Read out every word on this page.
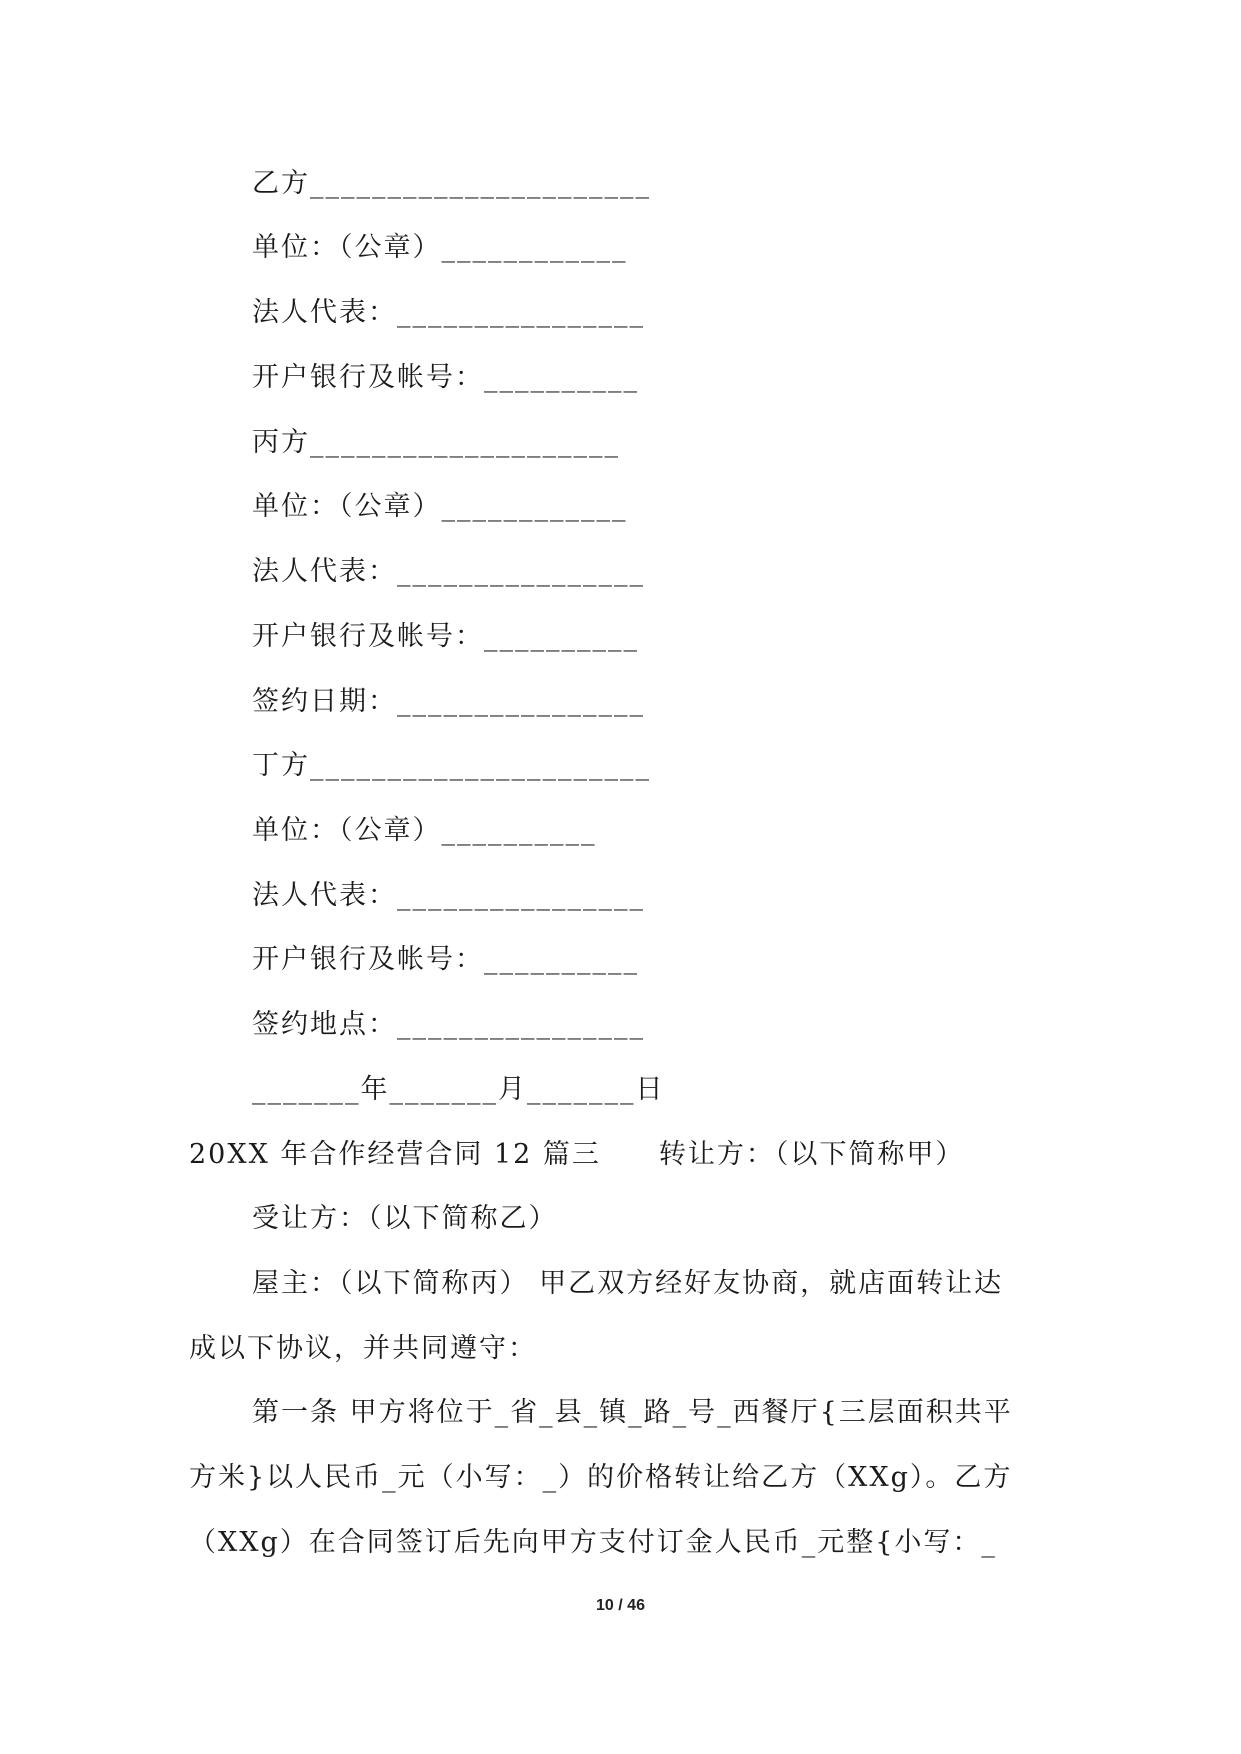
乙方______________________
单位：（公章）____________
法人代表：________________
开户银行及帐号：__________
丙方____________________
单位：（公章）____________
法人代表：________________
开户银行及帐号：__________
签约日期：________________
丁方______________________
单位：（公章）__________
法人代表：________________
开户银行及帐号：__________
签约地点：________________
_______年_______月_______日
20XX 年合作经营合同 12 篇三　　转让方：（以下简称甲）
受让方：（以下简称乙）
屋主：（以下简称丙） 甲乙双方经好友协商，就店面转让达
成以下协议，并共同遵守：
第一条 甲方将位于_省_县_镇_路_号_西餐厅{三层面积共平
方米}以人民币_元（小写：_）的价格转让给乙方（XXg）。乙方
（XXg）在合同签订后先向甲方支付订金人民币_元整{小写：_
10 / 46
